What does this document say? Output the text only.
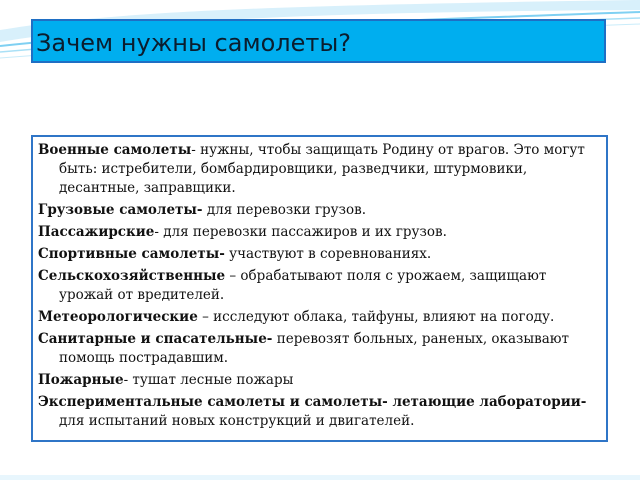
Зачем нужны самолеты?
Военные самолеты- нужны, чтобы защищать Родину от врагов. Это могут быть: истребители, бомбардировщики, разведчики, штурмовики, десантные, заправщики.
Грузовые самолеты- для перевозки грузов.
Пассажирские- для перевозки пассажиров и их грузов.
Спортивные самолеты- участвуют в соревнованиях.
Сельскохозяйственные – обрабатывают поля с урожаем, защищают урожай от вредителей.
Метеорологические – исследуют облака, тайфуны, влияют на погоду.
Санитарные и спасательные- перевозят больных, раненых, оказывают помощь пострадавшим.
Пожарные- тушат лесные пожары
Экспериментальные самолеты и самолеты- летающие лаборатории- для испытаний новых конструкций и двигателей.
